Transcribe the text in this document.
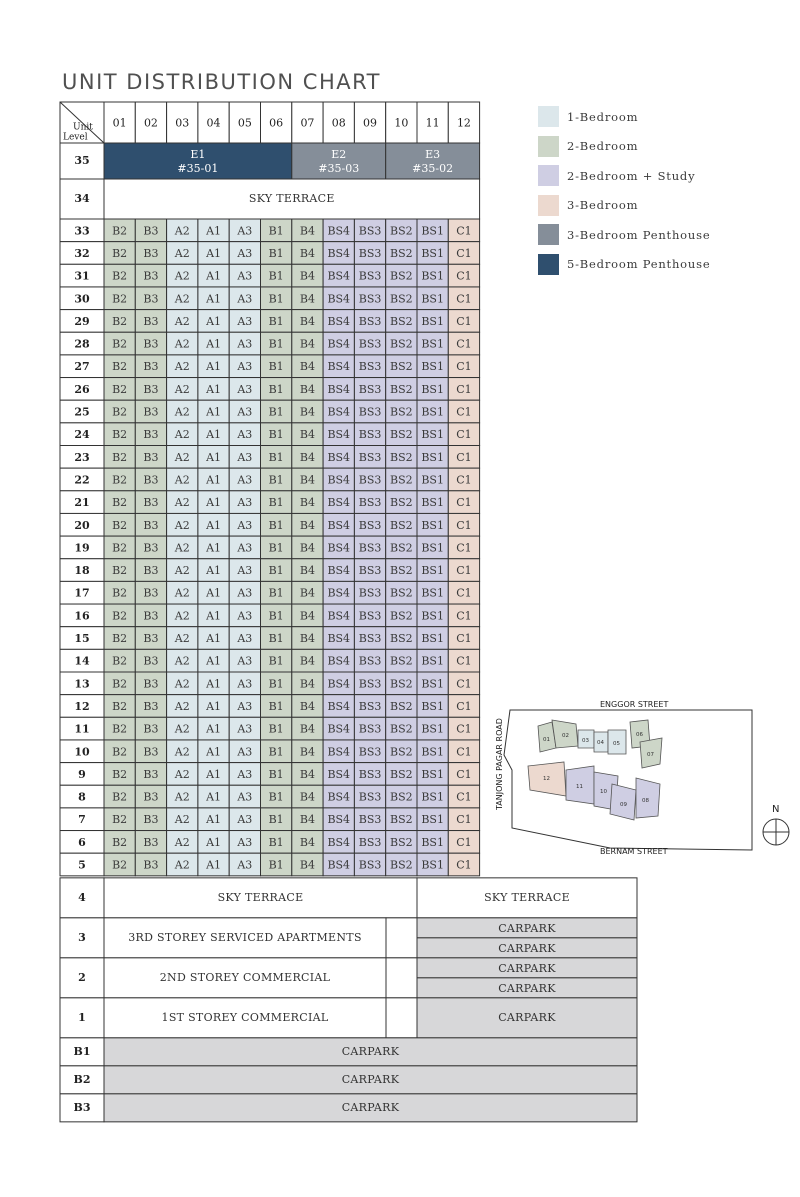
UNIT DISTRIBUTION CHART
Unit
Level
01 02 03 04 05 06 07 08 09 10 11 12
35	E1
#35-01
E2
#35-03
E3
#35-02
34	SKY TERRACE
33 B2 B3 A2 A1 A3 B1 B4 BS4 BS3 BS2 BS1 C1
32 B2 B3 A2 A1 A3 B1 B4 BS4 BS3 BS2 BS1 C1
31 B2 B3 A2 A1 A3 B1 B4 BS4 BS3 BS2 BS1 C1
30 B2 B3 A2 A1 A3 B1 B4 BS4 BS3 BS2 BS1 C1
29 B2 B3 A2 A1 A3 B1 B4 BS4 BS3 BS2 BS1 C1
28 B2 B3 A2 A1 A3 B1 B4 BS4 BS3 BS2 BS1 C1
27 B2 B3 A2 A1 A3 B1 B4 BS4 BS3 BS2 BS1 C1
26 B2 B3 A2 A1 A3 B1 B4 BS4 BS3 BS2 BS1 C1
25 B2 B3 A2 A1 A3 B1 B4 BS4 BS3 BS2 BS1 C1
24 B2 B3 A2 A1 A3 B1 B4 BS4 BS3 BS2 BS1 C1
23 B2 B3 A2 A1 A3 B1 B4 BS4 BS3 BS2 BS1 C1
22 B2 B3 A2 A1 A3 B1 B4 BS4 BS3 BS2 BS1 C1
21 B2 B3 A2 A1 A3 B1 B4 BS4 BS3 BS2 BS1 C1
20 B2 B3 A2 A1 A3 B1 B4 BS4 BS3 BS2 BS1 C1
19 B2 B3 A2 A1 A3 B1 B4 BS4 BS3 BS2 BS1 C1
18 B2 B3 A2 A1 A3 B1 B4 BS4 BS3 BS2 BS1 C1
17 B2 B3 A2 A1 A3 B1 B4 BS4 BS3 BS2 BS1 C1
16 B2 B3 A2 A1 A3 B1 B4 BS4 BS3 BS2 BS1 C1
15 B2 B3 A2 A1 A3 B1 B4 BS4 BS3 BS2 BS1 C1
14 B2 B3 A2 A1 A3 B1 B4 BS4 BS3 BS2 BS1 C1
13 B2 B3 A2 A1 A3 B1 B4 BS4 BS3 BS2 BS1 C1
12 B2 B3 A2 A1 A3 B1 B4 BS4 BS3 BS2 BS1 C1
11 B2 B3 A2 A1 A3 B1 B4 BS4 BS3 BS2 BS1 C1
10 B2 B3 A2 A1 A3 B1 B4 BS4 BS3 BS2 BS1 C1
9 B2 B3 A2 A1 A3 B1 B4 BS4 BS3 BS2 BS1 C1
8 B2 B3 A2 A1 A3 B1 B4 BS4 BS3 BS2 BS1 C1
7 B2 B3 A2 A1 A3 B1 B4 BS4 BS3 BS2 BS1 C1
6 B2 B3 A2 A1 A3 B1 B4 BS4 BS3 BS2 BS1 C1
5 B2 B3 A2 A1 A3 B1 B4 BS4 BS3 BS2 BS1 C1
4	SKY TERRACE	SKY TERRACE
3	3RD STOREY SERVICED APARTMENTS
CARPARK
CARPARK
2	2ND STOREY COMMERCIAL
CARPARK
CARPARK
1	1ST STOREY COMMERCIAL	CARPARK
B1	CARPARK
B2	CARPARK
B3	CARPARK
1-Bedroom
2-Bedroom
2-Bedroom + Study
3-Bedroom
3-Bedroom Penthouse
5-Bedroom Penthouse
ENGGOR STREET
BERNAM STREET
TANJONG PAGAR ROAD	01
02
03 04 05
06
07
12
11
10
09
08
N
